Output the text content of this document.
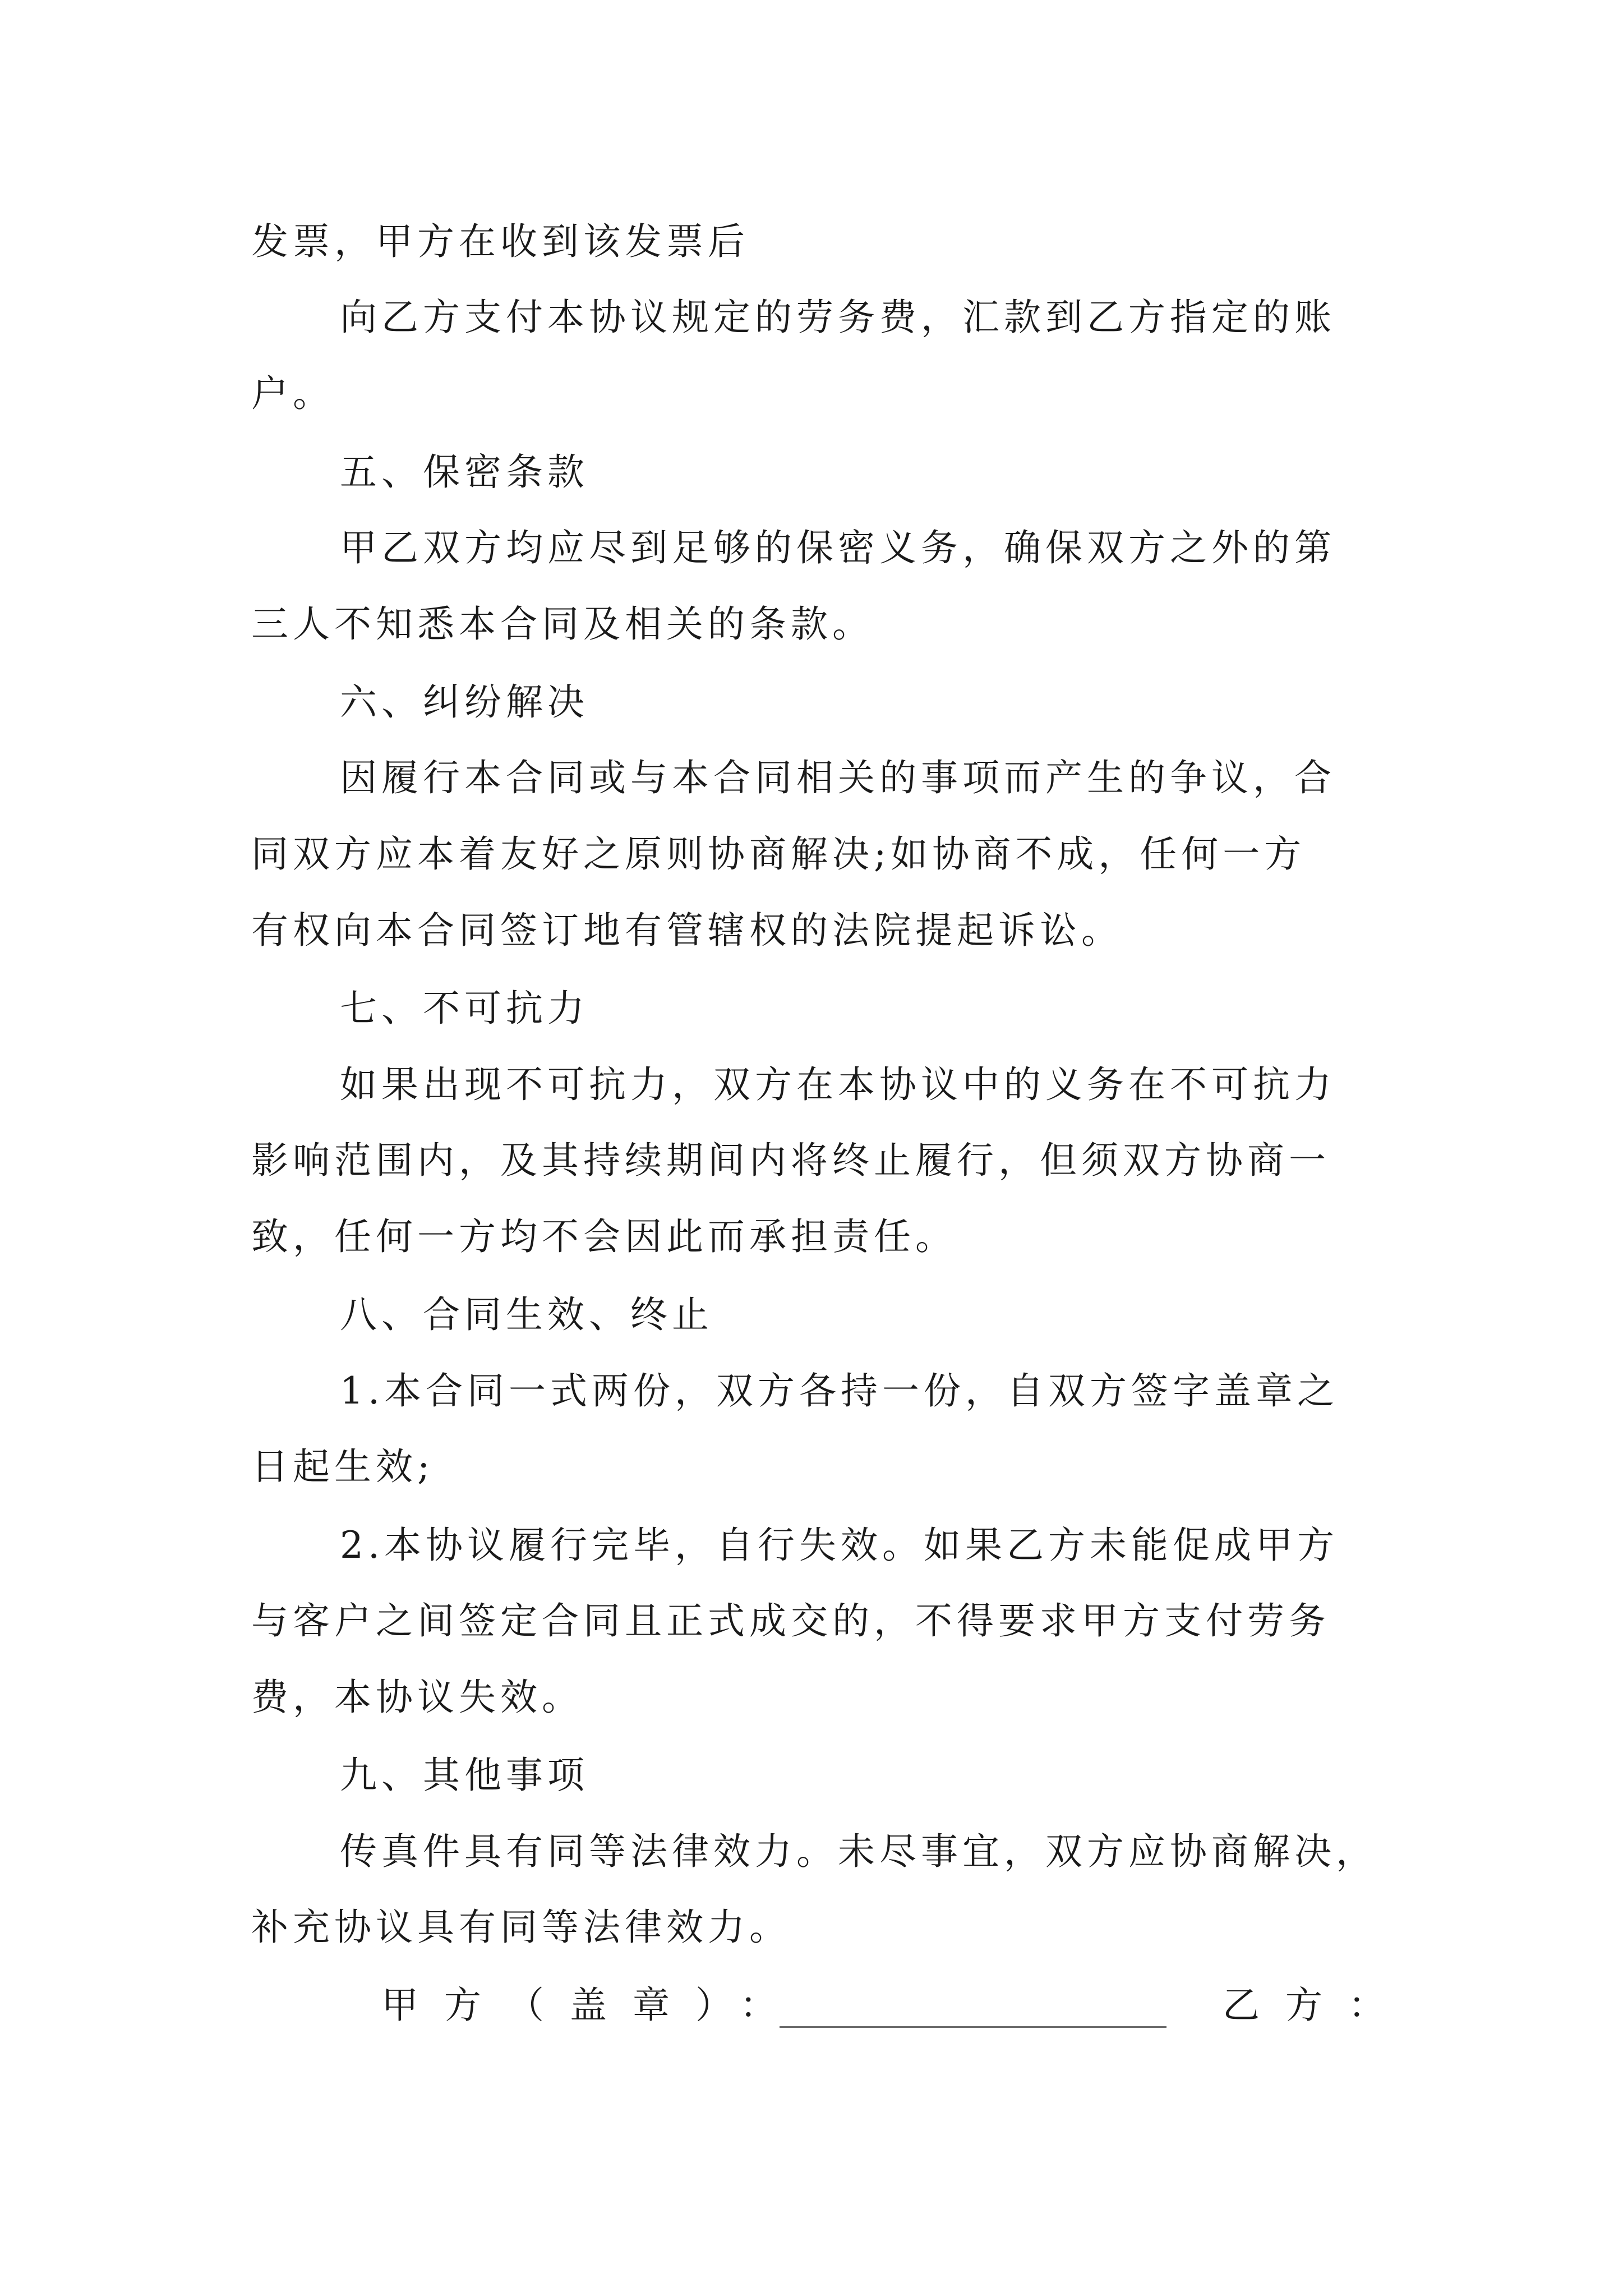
发票，甲方在收到该发票后
向乙方支付本协议规定的劳务费，汇款到乙方指定的账
户。
五、保密条款
甲乙双方均应尽到足够的保密义务，确保双方之外的第
三人不知悉本合同及相关的条款。
六、纠纷解决
因履行本合同或与本合同相关的事项而产生的争议，合
同双方应本着友好之原则协商解决;如协商不成，任何一方
有权向本合同签订地有管辖权的法院提起诉讼。
七、不可抗力
如果出现不可抗力，双方在本协议中的义务在不可抗力
影响范围内，及其持续期间内将终止履行，但须双方协商一
致，任何一方均不会因此而承担责任。
八、合同生效、终止
1.本合同一式两份，双方各持一份，自双方签字盖章之
日起生效;
2.本协议履行完毕，自行失效。如果乙方未能促成甲方
与客户之间签定合同且正式成交的，不得要求甲方支付劳务
费，本协议失效。
九、其他事项
传真件具有同等法律效力。未尽事宜，双方应协商解决，
补充协议具有同等法律效力。
甲方（盖章）：	乙方：
